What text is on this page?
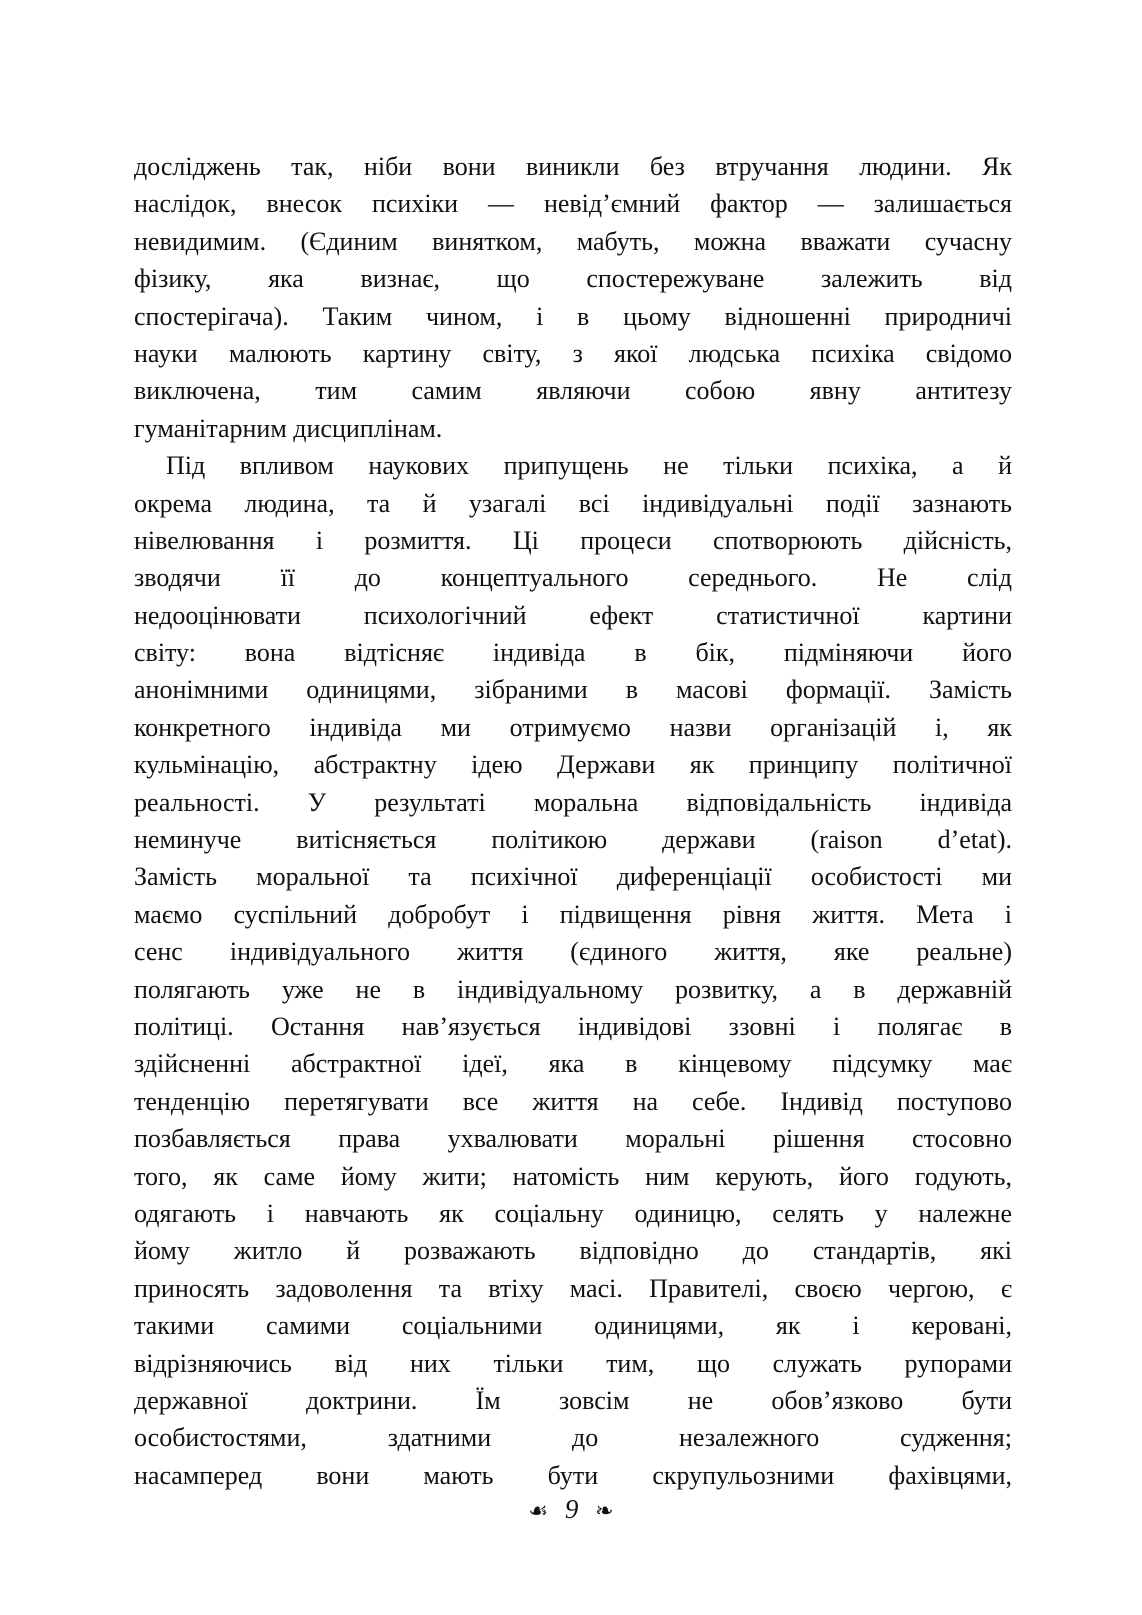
досліджень так, ніби вони виникли без втручання людини. Як
наслідок, внесок психіки — невід’ємний фактор — залишається
невидимим. (Єдиним винятком, мабуть, можна вважати сучасну
фізику, яка визнає, що спостережуване залежить від
спостерігача). Таким чином, і в цьому відношенні природничі
науки малюють картину світу, з якої людська психіка свідомо
виключена, тим самим являючи собою явну антитезу
гуманітарним дисциплінам.
Під впливом наукових припущень не тільки психіка, а й
окрема людина, та й узагалі всі індивідуальні події зазнають
нівелювання і розмиття. Ці процеси спотворюють дійсність,
зводячи її до концептуального середнього. Не слід
недооцінювати психологічний ефект статистичної картини
світу: вона відтісняє індивіда в бік, підміняючи його
анонімними одиницями, зібраними в масові формації. Замість
конкретного індивіда ми отримуємо назви організацій і, як
кульмінацію, абстрактну ідею Держави як принципу політичної
реальності. У результаті моральна відповідальність індивіда
неминуче витісняється політикою держави (raison d’etat).
Замість моральної та психічної диференціації особистості ми
маємо суспільний добробут і підвищення рівня життя. Мета і
сенс індивідуального життя (єдиного життя, яке реальне)
полягають уже не в індивідуальному розвитку, а в державній
політиці. Остання нав’язується індивідові ззовні і полягає в
здійсненні абстрактної ідеї, яка в кінцевому підсумку має
тенденцію перетягувати все життя на себе. Індивід поступово
позбавляється права ухвалювати моральні рішення стосовно
того, як саме йому жити; натомість ним керують, його годують,
одягають і навчають як соціальну одиницю, селять у належне
йому житло й розважають відповідно до стандартів, які
приносять задоволення та втіху масі. Правителі, своєю чергою, є
такими самими соціальними одиницями, як і керовані,
відрізняючись від них тільки тим, що служать рупорами
державної доктрини. Їм зовсім не обов’язково бути
особистостями, здатними до незалежного судження;
насамперед вони мають бути скрупульозними фахівцями,
☙ 9 ❧
